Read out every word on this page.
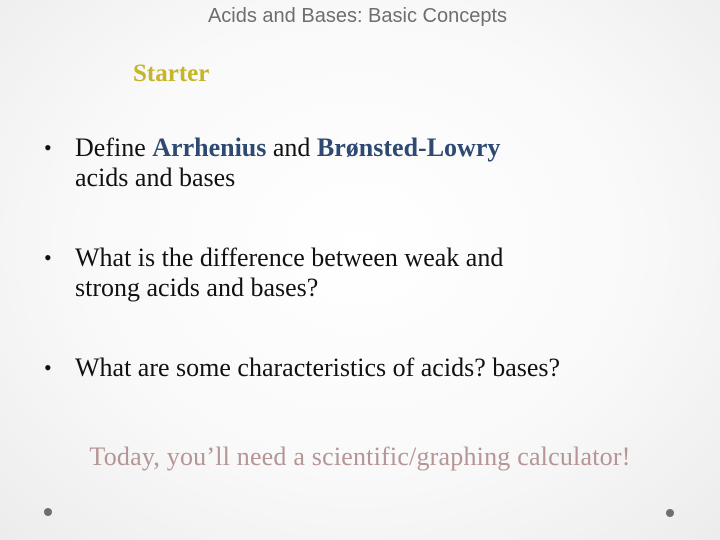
Acids and Bases: Basic Concepts
Starter
• Define Arrhenius and Brønsted-Lowry
acids and bases
• What is the difference between weak and
strong acids and bases?
• What are some characteristics of acids? bases?
Today, you’ll need a scientific/graphing calculator!
